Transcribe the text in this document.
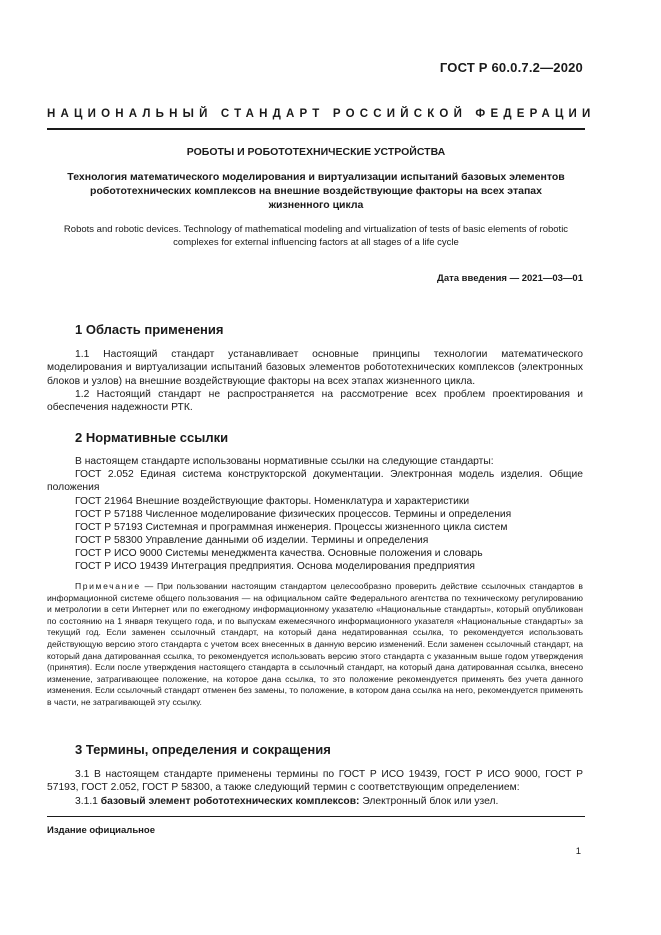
ГОСТ Р 60.0.7.2—2020
НАЦИОНАЛЬНЫЙ СТАНДАРТ РОССИЙСКОЙ ФЕДЕРАЦИИ
РОБОТЫ И РОБОТОТЕХНИЧЕСКИЕ УСТРОЙСТВА
Технология математического моделирования и виртуализации испытаний базовых элементов
робототехнических комплексов на внешние воздействующие факторы на всех этапах
жизненного цикла
Robots and robotic devices. Technology of mathematical modeling and virtualization of tests of basic elements of robotic
complexes for external influencing factors at all stages of a life cycle
Дата введения — 2021—03—01
1 Область применения
1.1 Настоящий стандарт устанавливает основные принципы технологии математического моделирования и виртуализации испытаний базовых элементов робототехнических комплексов (электронных блоков и узлов) на внешние воздействующие факторы на всех этапах жизненного цикла.
1.2 Настоящий стандарт не распространяется на рассмотрение всех проблем проектирования и обеспечения надежности РТК.
2 Нормативные ссылки
В настоящем стандарте использованы нормативные ссылки на следующие стандарты:
ГОСТ 2.052 Единая система конструкторской документации. Электронная модель изделия. Общие положения
ГОСТ 21964 Внешние воздействующие факторы. Номенклатура и характеристики
ГОСТ Р 57188 Численное моделирование физических процессов. Термины и определения
ГОСТ Р 57193 Системная и программная инженерия. Процессы жизненного цикла систем
ГОСТ Р 58300 Управление данными об изделии. Термины и определения
ГОСТ Р ИСО 9000 Системы менеджмента качества. Основные положения и словарь
ГОСТ Р ИСО 19439 Интеграция предприятия. Основа моделирования предприятия
Примечание — При пользовании настоящим стандартом целесообразно проверить действие ссылочных стандартов в информационной системе общего пользования — на официальном сайте Федерального агентства по техническому регулированию и метрологии в сети Интернет или по ежегодному информационному указателю «Национальные стандарты», который опубликован по состоянию на 1 января текущего года, и по выпускам ежемесячного информационного указателя «Национальные стандарты» за текущий год. Если заменен ссылочный стандарт, на который дана недатированная ссылка, то рекомендуется использовать действующую версию этого стандарта с учетом всех внесенных в данную версию изменений. Если заменен ссылочный стандарт, на который дана датированная ссылка, то рекомендуется использовать версию этого стандарта с указанным выше годом утверждения (принятия). Если после утверждения настоящего стандарта в ссылочный стандарт, на который дана датированная ссылка, внесено изменение, затрагивающее положение, на которое дана ссылка, то это положение рекомендуется применять без учета данного изменения. Если ссылочный стандарт отменен без замены, то положение, в котором дана ссылка на него, рекомендуется применять в части, не затрагивающей эту ссылку.
3 Термины, определения и сокращения
3.1 В настоящем стандарте применены термины по ГОСТ Р ИСО 19439, ГОСТ Р ИСО 9000, ГОСТ Р 57193, ГОСТ 2.052, ГОСТ Р 58300, а также следующий термин с соответствующим определением:
3.1.1 базовый элемент робототехнических комплексов: Электронный блок или узел.
Издание официальное
1
